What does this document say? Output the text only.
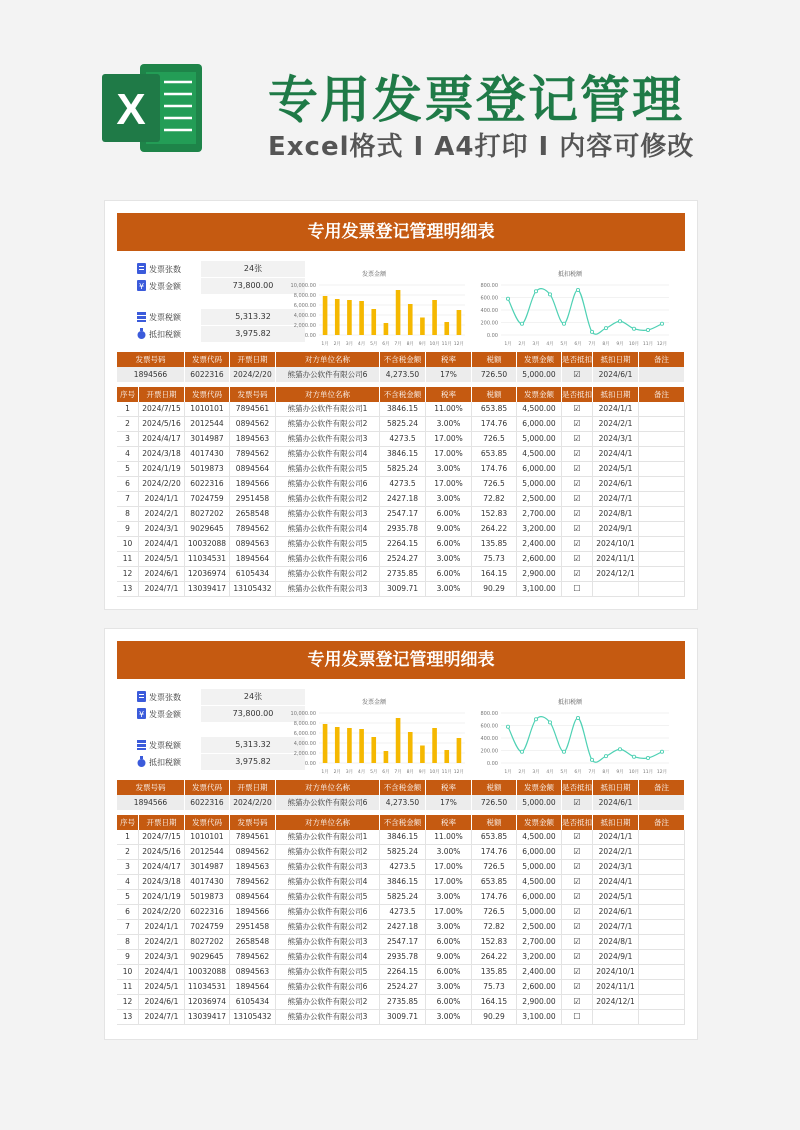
X 专用发票登记管理
Excel格式 I A4打印 I 内容可修改
专用发票登记管理明细表
发票张数	24张
¥ 发票金额	73,800.00
发票税额	5,313.32
抵扣税额	3,975.82
发票金额
0.00
2,000.00
4,000.00
6,000.00
8,000.00
10,000.00
1月 2月 3月 4月 5月 6月 7月 8月 9月 10月 11月 12月
抵扣税额
0.00
200.00
400.00
600.00
800.00
1月 2月 3月 4月 5月 6月 7月 8月 9月 10月 11月 12月
发票号码	发票代码	开票日期	对方单位名称	不含税金额	税率	税额	发票金额	是否抵扣	抵扣日期	备注
1894566	6022316	2024/2/20	熊猫办公软件有限公司6	4,273.50	17%	726.50	5,000.00	☑	2024/6/1
序号	开票日期	发票代码	发票号码	对方单位名称	不含税金额	税率	税额	发票金额	是否抵扣	抵扣日期	备注
1	2024/7/15	1010101	7894561	熊猫办公软件有限公司1	3846.15	11.00%	653.85	4,500.00	☑	2024/1/1
2	2024/5/16	2012544	0894562	熊猫办公软件有限公司2	5825.24	3.00%	174.76	6,000.00	☑	2024/2/1
3	2024/4/17	3014987	1894563	熊猫办公软件有限公司3	4273.5	17.00%	726.5	5,000.00	☑	2024/3/1
4	2024/3/18	4017430	7894562	熊猫办公软件有限公司4	3846.15	17.00%	653.85	4,500.00	☑	2024/4/1
5	2024/1/19	5019873	0894564	熊猫办公软件有限公司5	5825.24	3.00%	174.76	6,000.00	☑	2024/5/1
6	2024/2/20	6022316	1894566	熊猫办公软件有限公司6	4273.5	17.00%	726.5	5,000.00	☑	2024/6/1
7	2024/1/1	7024759	2951458	熊猫办公软件有限公司2	2427.18	3.00%	72.82	2,500.00	☑	2024/7/1
8	2024/2/1	8027202	2658548	熊猫办公软件有限公司3	2547.17	6.00%	152.83	2,700.00	☑	2024/8/1
9	2024/3/1	9029645	7894562	熊猫办公软件有限公司4	2935.78	9.00%	264.22	3,200.00	☑	2024/9/1
10	2024/4/1	10032088	0894563	熊猫办公软件有限公司5	2264.15	6.00%	135.85	2,400.00	☑	2024/10/1
11	2024/5/1	11034531	1894564	熊猫办公软件有限公司6	2524.27	3.00%	75.73	2,600.00	☑	2024/11/1
12	2024/6/1	12036974	6105434	熊猫办公软件有限公司2	2735.85	6.00%	164.15	2,900.00	☑	2024/12/1
13	2024/7/1	13039417 13105432	熊猫办公软件有限公司3	3009.71	3.00%	90.29	3,100.00	☐
专用发票登记管理明细表
发票张数	24张
¥ 发票金额	73,800.00
发票税额	5,313.32
抵扣税额	3,975.82
发票金额
0.00
2,000.00
4,000.00
6,000.00
8,000.00
10,000.00
1月 2月 3月 4月 5月 6月 7月 8月 9月 10月 11月 12月
抵扣税额
0.00
200.00
400.00
600.00
800.00
1月 2月 3月 4月 5月 6月 7月 8月 9月 10月 11月 12月
发票号码	发票代码	开票日期	对方单位名称	不含税金额	税率	税额	发票金额	是否抵扣	抵扣日期	备注
1894566	6022316	2024/2/20	熊猫办公软件有限公司6	4,273.50	17%	726.50	5,000.00	☑	2024/6/1
序号	开票日期	发票代码	发票号码	对方单位名称	不含税金额	税率	税额	发票金额	是否抵扣	抵扣日期	备注
1	2024/7/15	1010101	7894561	熊猫办公软件有限公司1	3846.15	11.00%	653.85	4,500.00	☑	2024/1/1
2	2024/5/16	2012544	0894562	熊猫办公软件有限公司2	5825.24	3.00%	174.76	6,000.00	☑	2024/2/1
3	2024/4/17	3014987	1894563	熊猫办公软件有限公司3	4273.5	17.00%	726.5	5,000.00	☑	2024/3/1
4	2024/3/18	4017430	7894562	熊猫办公软件有限公司4	3846.15	17.00%	653.85	4,500.00	☑	2024/4/1
5	2024/1/19	5019873	0894564	熊猫办公软件有限公司5	5825.24	3.00%	174.76	6,000.00	☑	2024/5/1
6	2024/2/20	6022316	1894566	熊猫办公软件有限公司6	4273.5	17.00%	726.5	5,000.00	☑	2024/6/1
7	2024/1/1	7024759	2951458	熊猫办公软件有限公司2	2427.18	3.00%	72.82	2,500.00	☑	2024/7/1
8	2024/2/1	8027202	2658548	熊猫办公软件有限公司3	2547.17	6.00%	152.83	2,700.00	☑	2024/8/1
9	2024/3/1	9029645	7894562	熊猫办公软件有限公司4	2935.78	9.00%	264.22	3,200.00	☑	2024/9/1
10	2024/4/1	10032088	0894563	熊猫办公软件有限公司5	2264.15	6.00%	135.85	2,400.00	☑	2024/10/1
11	2024/5/1	11034531	1894564	熊猫办公软件有限公司6	2524.27	3.00%	75.73	2,600.00	☑	2024/11/1
12	2024/6/1	12036974	6105434	熊猫办公软件有限公司2	2735.85	6.00%	164.15	2,900.00	☑	2024/12/1
13	2024/7/1	13039417 13105432	熊猫办公软件有限公司3	3009.71	3.00%	90.29	3,100.00	☐
